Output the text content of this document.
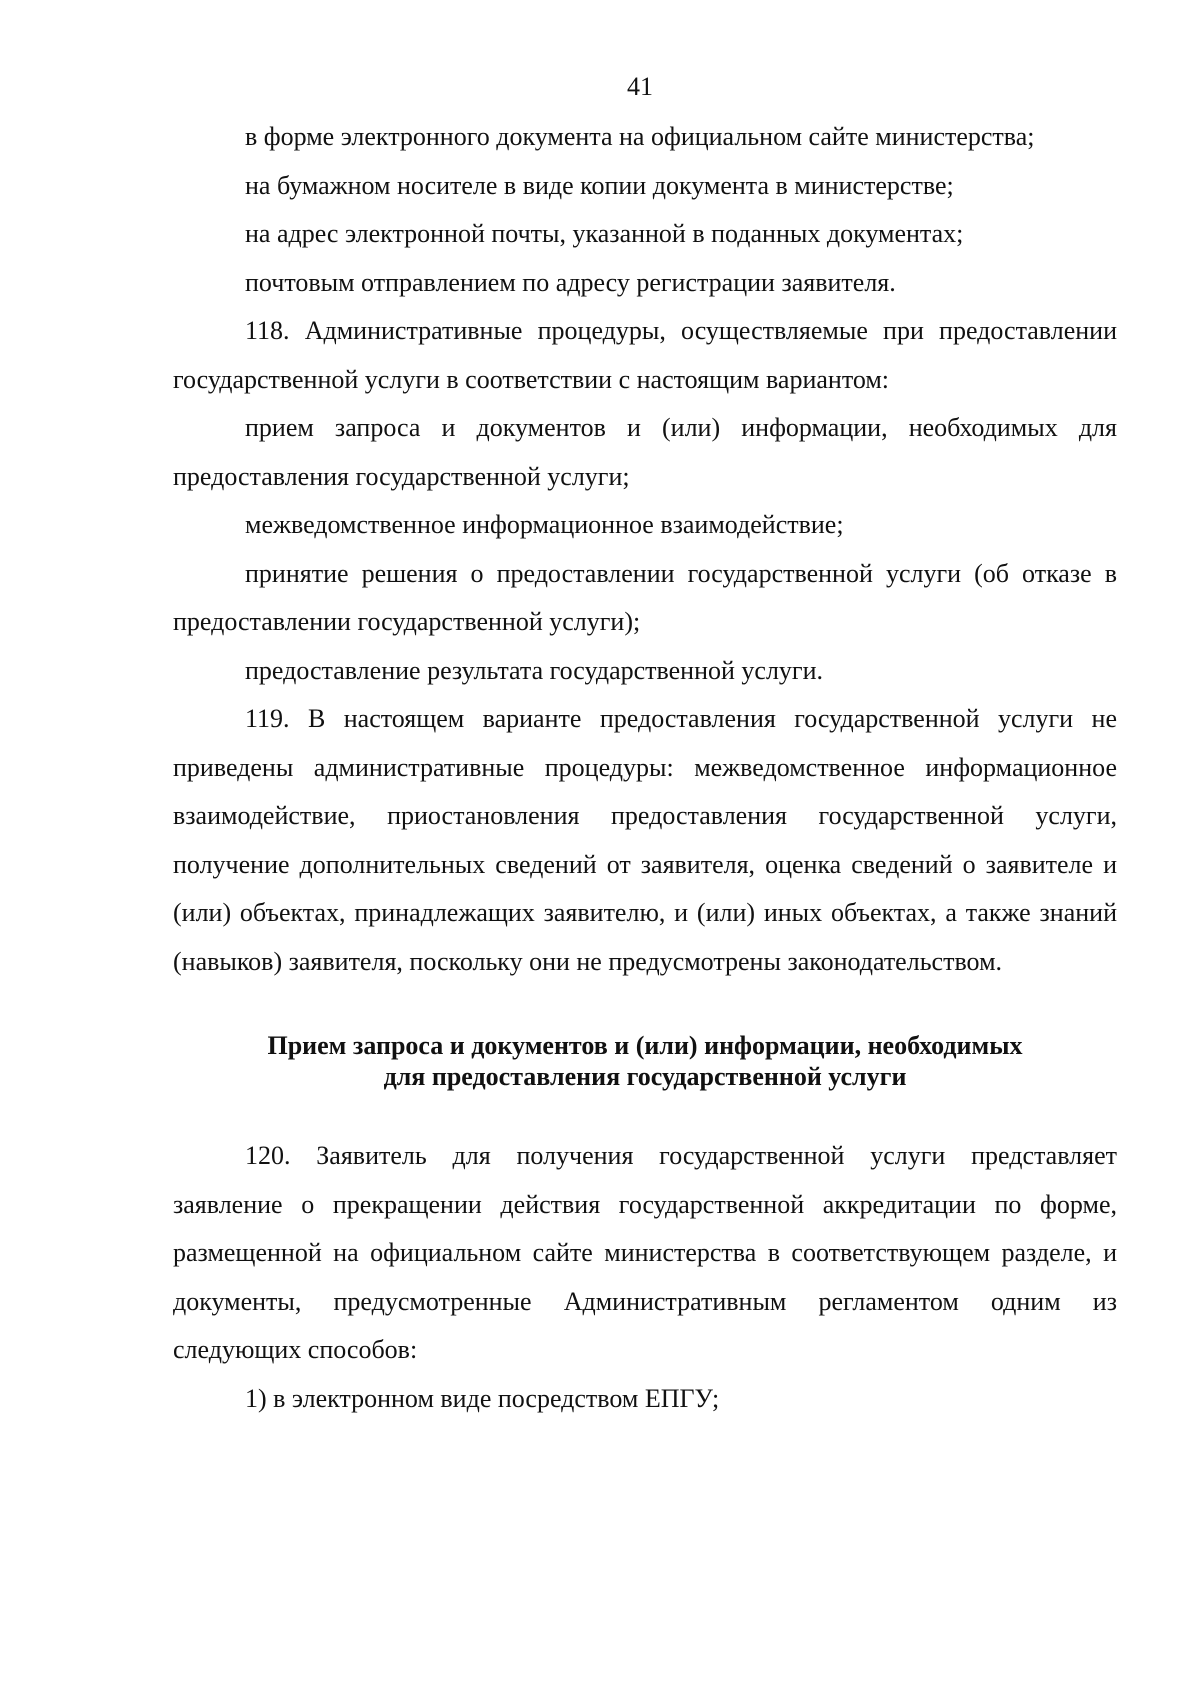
41

в форме электронного документа на официальном сайте министерства;

на бумажном носителе в виде копии документа в министерстве;

на адрес электронной почты, указанной в поданных документах;

почтовым отправлением по адресу регистрации заявителя.

118. Административные процедуры, осуществляемые при предоставлении государственной услуги в соответствии с настоящим вариантом:

прием запроса и документов и (или) информации, необходимых для предоставления государственной услуги;

межведомственное информационное взаимодействие;

принятие решения о предоставлении государственной услуги (об отказе в предоставлении государственной услуги);

предоставление результата государственной услуги.

119. В настоящем варианте предоставления государственной услуги не приведены административные процедуры: межведомственное информационное взаимодействие, приостановления предоставления государственной услуги, получение дополнительных сведений от заявителя, оценка сведений о заявителе и (или) объектах, принадлежащих заявителю, и (или) иных объектах, а также знаний (навыков) заявителя, поскольку они не предусмотрены законодательством.

Прием запроса и документов и (или) информации, необходимых
для предоставления государственной услуги

120. Заявитель для получения государственной услуги представляет заявление о прекращении действия государственной аккредитации по форме, размещенной на официальном сайте министерства в соответствующем разделе, и документы, предусмотренные Административным регламентом одним из следующих способов:

1) в электронном виде посредством ЕПГУ;
